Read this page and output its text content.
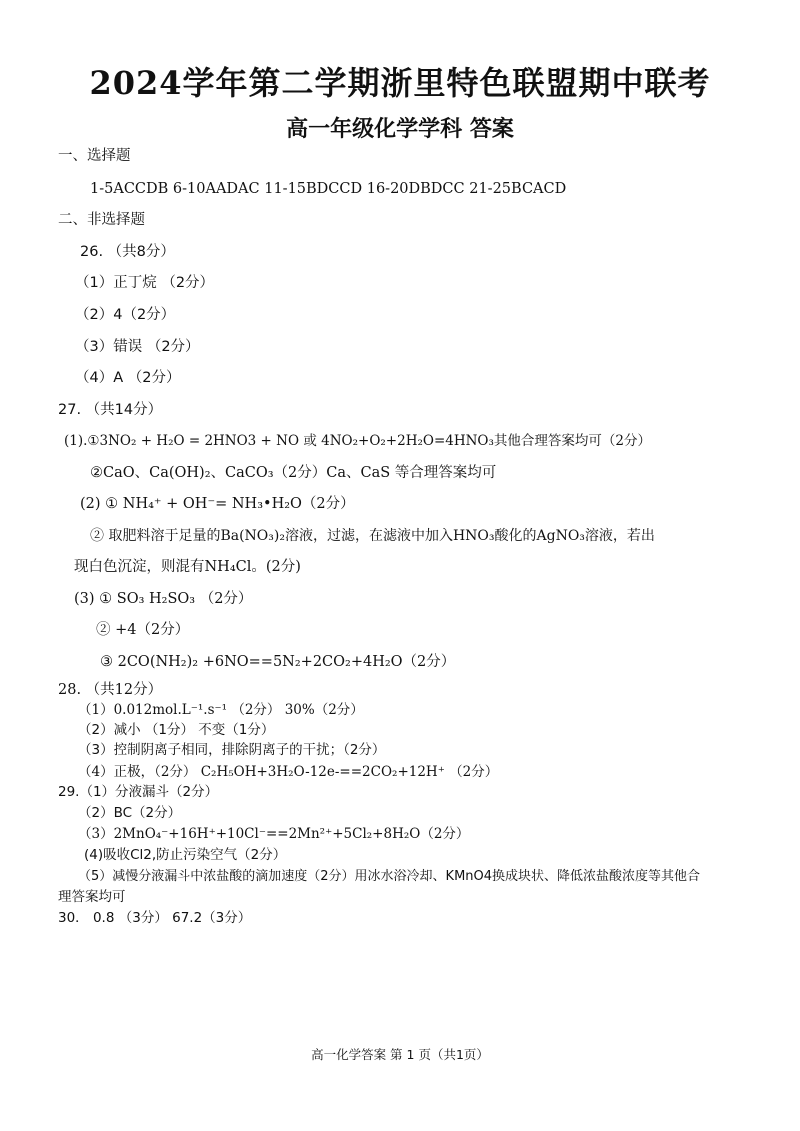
2024学年第二学期浙里特色联盟期中联考
高一年级化学学科 答案
一、选择题
1-5ACCDB 6-10AADAC 11-15BDCCD 16-20DBDCC 21-25BCACD
二、非选择题
26. （共8分）
（1）正丁烷 （2分）
（2）4（2分）
（3）错误 （2分）
（4）A （2分）
27. （共14分）
(1).①3NO₂ + H₂O = 2HNO3 + NO 或 4NO₂+O₂+2H₂O=4HNO₃其他合理答案均可（2分）
②CaO、Ca(OH)₂、CaCO₃（2分）Ca、CaS 等合理答案均可
(2) ① NH₄⁺ + OH⁻= NH₃•H₂O（2分）
② 取肥料溶于足量的Ba(NO₃)₂溶液，过滤，在滤液中加入HNO₃酸化的AgNO₃溶液，若出
现白色沉淀，则混有NH₄Cl。(2分)
(3) ① SO₃ H₂SO₃ （2分）
② +4（2分）
③ 2CO(NH₂)₂ +6NO==5N₂+2CO₂+4H₂O（2分）
28. （共12分）
（1）0.012mol.L⁻¹.s⁻¹ （2分） 30%（2分）
（2）减小 （1分） 不变（1分）
（3）控制阴离子相同，排除阴离子的干扰；（2分）
（4）正极，（2分） C₂H₅OH+3H₂O-12e-==2CO₂+12H⁺ （2分）
29.（1）分液漏斗（2分）
（2）BC（2分）
（3）2MnO₄⁻+16H⁺+10Cl⁻==2Mn²⁺+5Cl₂+8H₂O（2分）
(4)吸收Cl2,防止污染空气（2分）
（5）减慢分液漏斗中浓盐酸的滴加速度（2分）用冰水浴冷却、KMnO4换成块状、降低浓盐酸浓度等其他合
理答案均可
30． 0.8 （3分） 67.2（3分）
高一化学答案 第 1 页（共1页）
